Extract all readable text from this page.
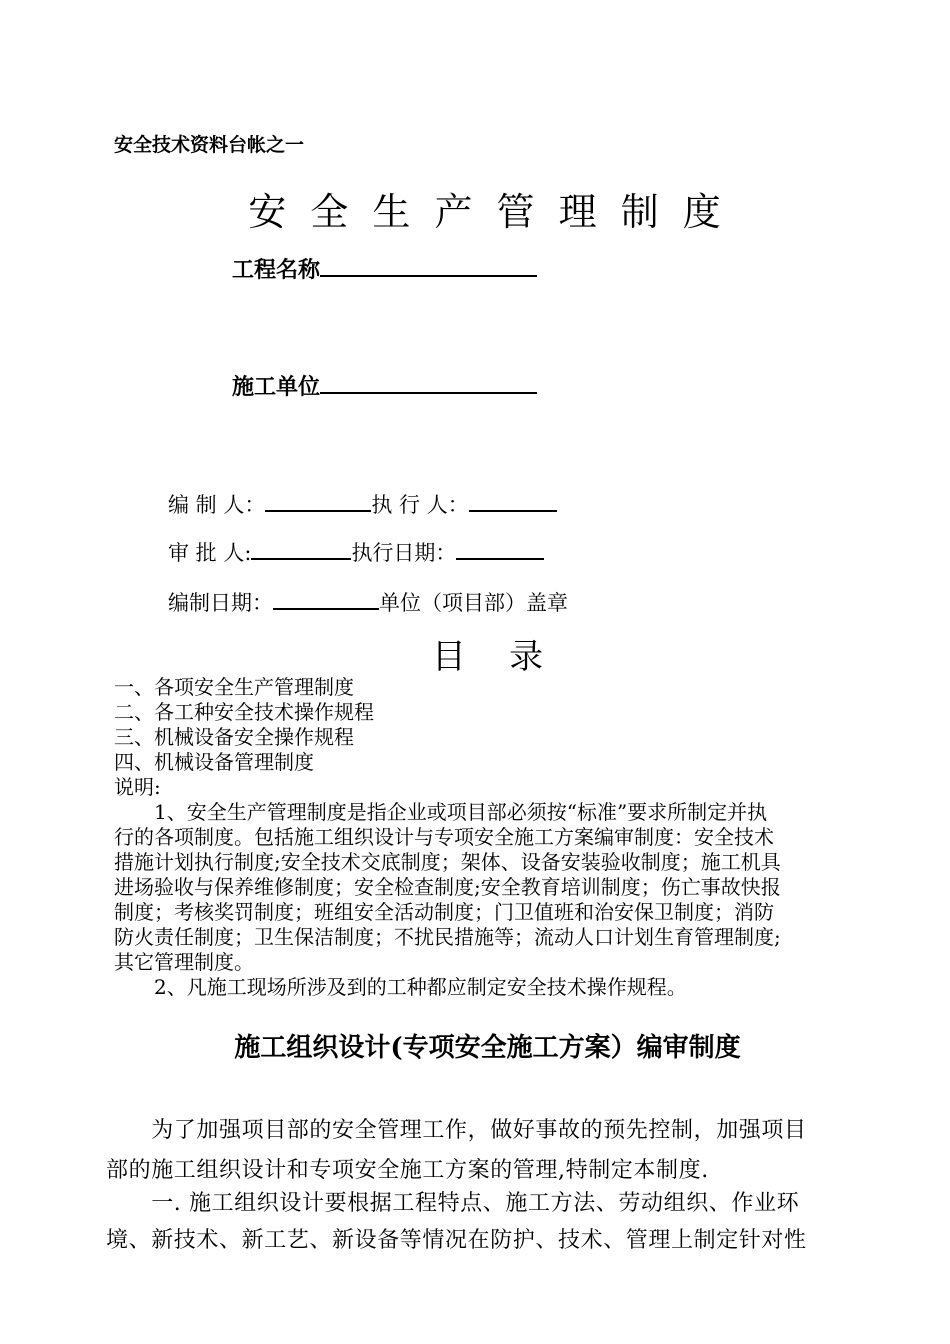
安全技术资料台帐之一
安 全 生 产 管 理 制 度
工程名称
施工单位
编 制 人：	执 行 人：
审 批 人:	执行日期：
编制日期：	单位（项目部）盖章
目    录
一、各项安全生产管理制度
二、各工种安全技术操作规程
三、机械设备安全操作规程
四、机械设备管理制度
说明:
　　1、安全生产管理制度是指企业或项目部必须按“标准”要求所制定并执
行的各项制度。包括施工组织设计与专项安全施工方案编审制度：安全技术
措施计划执行制度;安全技术交底制度；架体、设备安装验收制度；施工机具
进场验收与保养维修制度；安全检查制度;安全教育培训制度；伤亡事故快报
制度；考核奖罚制度；班组安全活动制度；门卫值班和治安保卫制度；消防
防火责任制度；卫生保洁制度；不扰民措施等；流动人口计划生育管理制度;
其它管理制度。
　　2、凡施工现场所涉及到的工种都应制定安全技术操作规程。
施工组织设计(专项安全施工方案）编审制度
　　为了加强项目部的安全管理工作，做好事故的预先控制，加强项目
部的施工组织设计和专项安全施工方案的管理,特制定本制度.
　　一. 施工组织设计要根据工程特点、施工方法、劳动组织、作业环
境、新技术、新工艺、新设备等情况在防护、技术、管理上制定针对性
